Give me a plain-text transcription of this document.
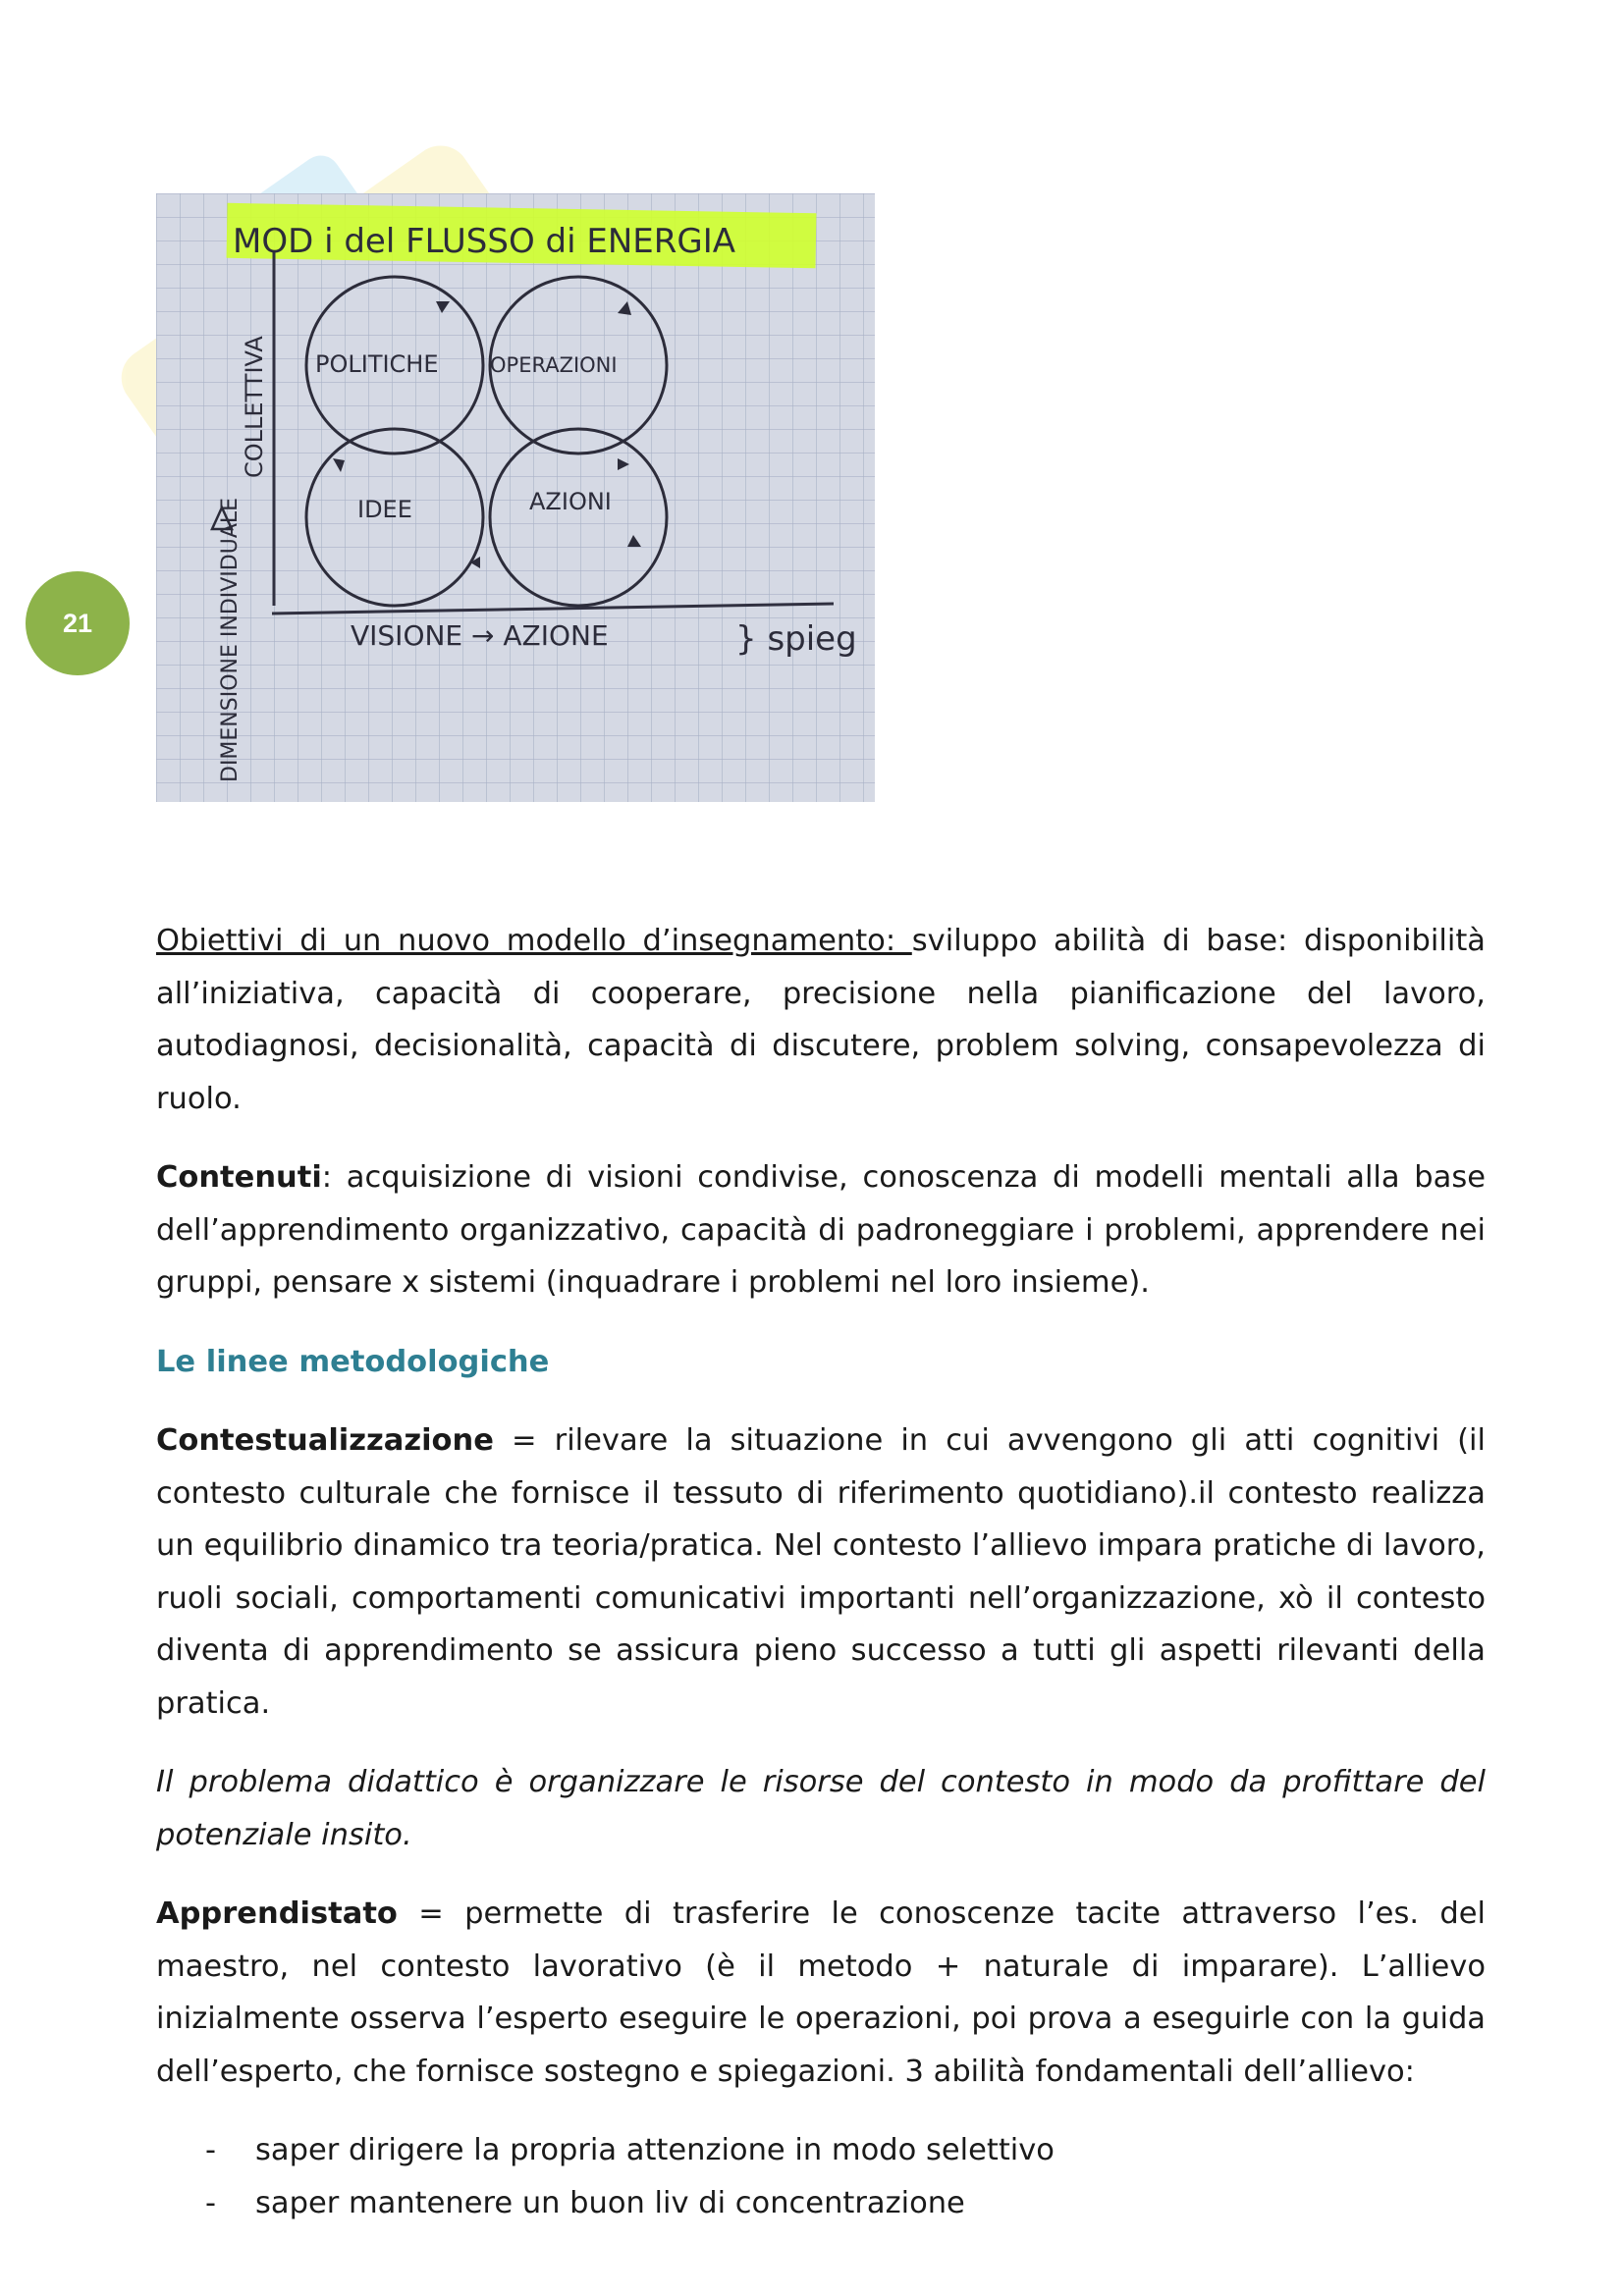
21
MOD i del FLUSSO di ENERGIA
POLITICHE OPERAZIONI
IDEE	AZIONI
VISIONE → AZIONE	} spieg
COLLETTIVA
DIMENSIONE INDIVIDUALE

Obiettivi di un nuovo modello d’insegnamento: sviluppo abilità di base: disponibilità all’iniziativa, capacità di cooperare, precisione nella pianificazione del lavoro, autodiagnosi, decisionalità, capacità di discutere, problem solving, consapevolezza di ruolo.

Contenuti: acquisizione di visioni condivise, conoscenza di modelli mentali alla base dell’apprendimento organizzativo, capacità di padroneggiare i problemi, apprendere nei gruppi, pensare x sistemi (inquadrare i problemi nel loro insieme).

Le linee metodologiche

Contestualizzazione = rilevare la situazione in cui avvengono gli atti cognitivi (il contesto culturale che fornisce il tessuto di riferimento quotidiano).il contesto realizza un equilibrio dinamico tra teoria/pratica. Nel contesto l’allievo impara pratiche di lavoro, ruoli sociali, comportamenti comunicativi importanti nell’organizzazione, xò il contesto diventa di apprendimento se assicura pieno successo a tutti gli aspetti rilevanti della pratica.

Il problema didattico è organizzare le risorse del contesto in modo da profittare del potenziale insito.

Apprendistato = permette di trasferire le conoscenze tacite attraverso l’es. del maestro, nel contesto lavorativo (è il metodo + naturale di imparare). L’allievo inizialmente osserva l’esperto eseguire le operazioni, poi prova a eseguirle con la guida dell’esperto, che fornisce sostegno e spiegazioni. 3 abilità fondamentali dell’allievo:

- saper dirigere la propria attenzione in modo selettivo
- saper mantenere un buon liv di concentrazione
